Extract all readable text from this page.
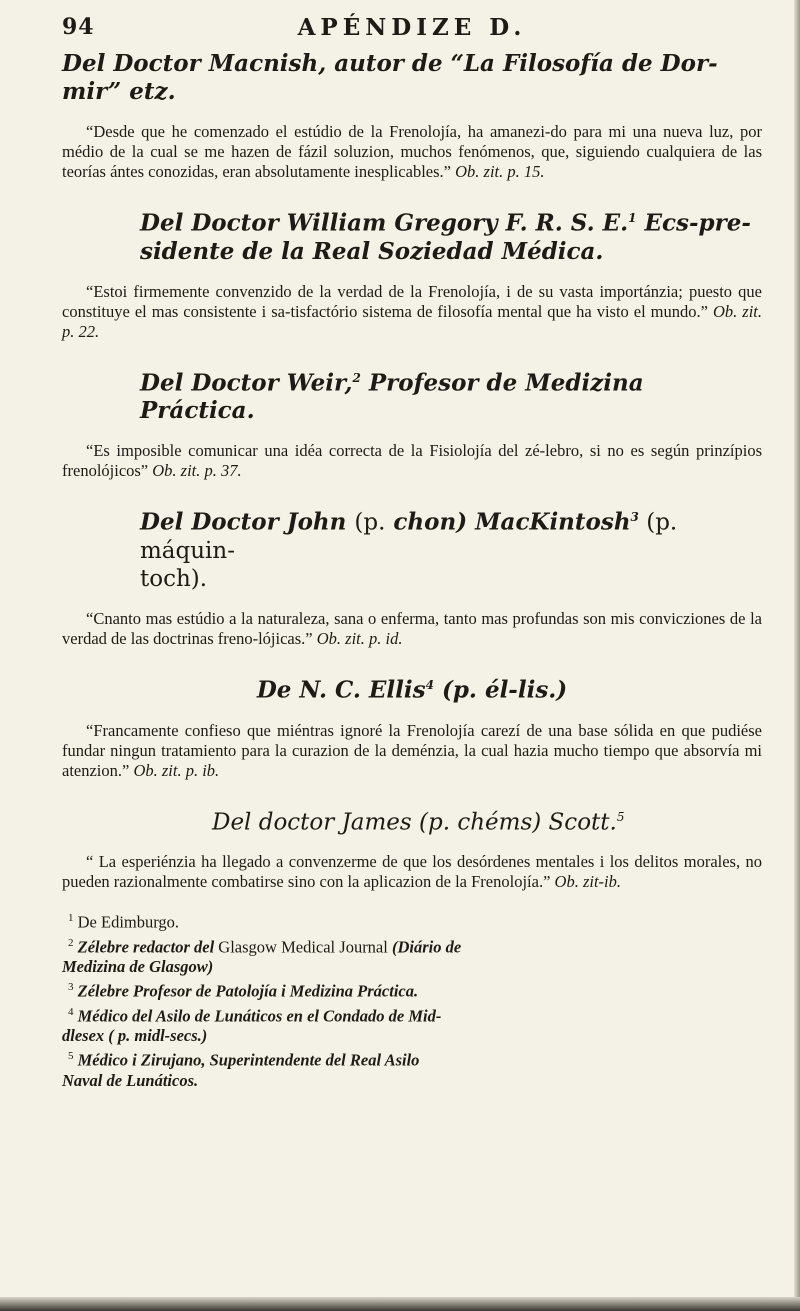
94	APÉNDIZE D.

Del Doctor Macnish, autor de “La Filosofía de Dor-
mir” etz.

“Desde que he comenzado el estúdio de la Frenolojía, ha amanezi-do para mi una nueva luz, por médio de la cual se me hazen de fázil soluzion, muchos fenómenos, que, siguiendo cualquiera de las teorías ántes conozidas, eran absolutamente inesplicables.” Ob. zit. p. 15.

Del Doctor William Gregory F. R. S. E.$^1$ Ecs-pre-
sidente de la Real Soziedad Médica.

“Estoi firmemente convenzido de la verdad de la Frenolojía, i de su vasta importánzia; puesto que constituye el mas consistente i sa-tisfactório sistema de filosofía mental que ha visto el mundo.” Ob. zit. p. 22.

Del Doctor Weir,$^2$ Profesor de Medizina Práctica.

“Es imposible comunicar una idéa correcta de la Fisiolojía del zé-lebro, si no es según prinzípios frenolójicos” Ob. zit. p. 37.

Del Doctor John (p. chon) MacKintosh$^3$ (p. máquin-
toch).

“Cnanto mas estúdio a la naturaleza, sana o enferma, tanto mas profundas son mis convicziones de la verdad de las doctrinas freno-lójicas.” Ob. zit. p. id.

De N. C. Ellis$^4$ (p. él-lis.)

“Francamente confieso que miéntras ignoré la Frenolojía carezí de una base sólida en que pudiése fundar ningun tratamiento para la curazion de la deménzia, la cual hazia mucho tiempo que absorvía mi atenzion.” Ob. zit. p. ib.

Del doctor James (p. chéms) Scott.$^5$

“ La esperiénzia ha llegado a convenzerme de que los desórdenes mentales i los delitos morales, no pueden razionalmente combatirse sino con la aplicazion de la Frenolojía.” Ob. zit-ib.

$^1$ De Edimburgo.

$^2$ Zélebre redactor del Glasgow Medical Journal (Diário de

Medizina de Glasgow)

$^3$ Zélebre Profesor de Patolojía i Medizina Práctica.

$^4$ Médico del Asilo de Lunáticos en el Condado de Mid-

dlesex ( p. midl-secs.)

$^5$ Médico i Zirujano, Superintendente del Real Asilo

Naval de Lunáticos.
